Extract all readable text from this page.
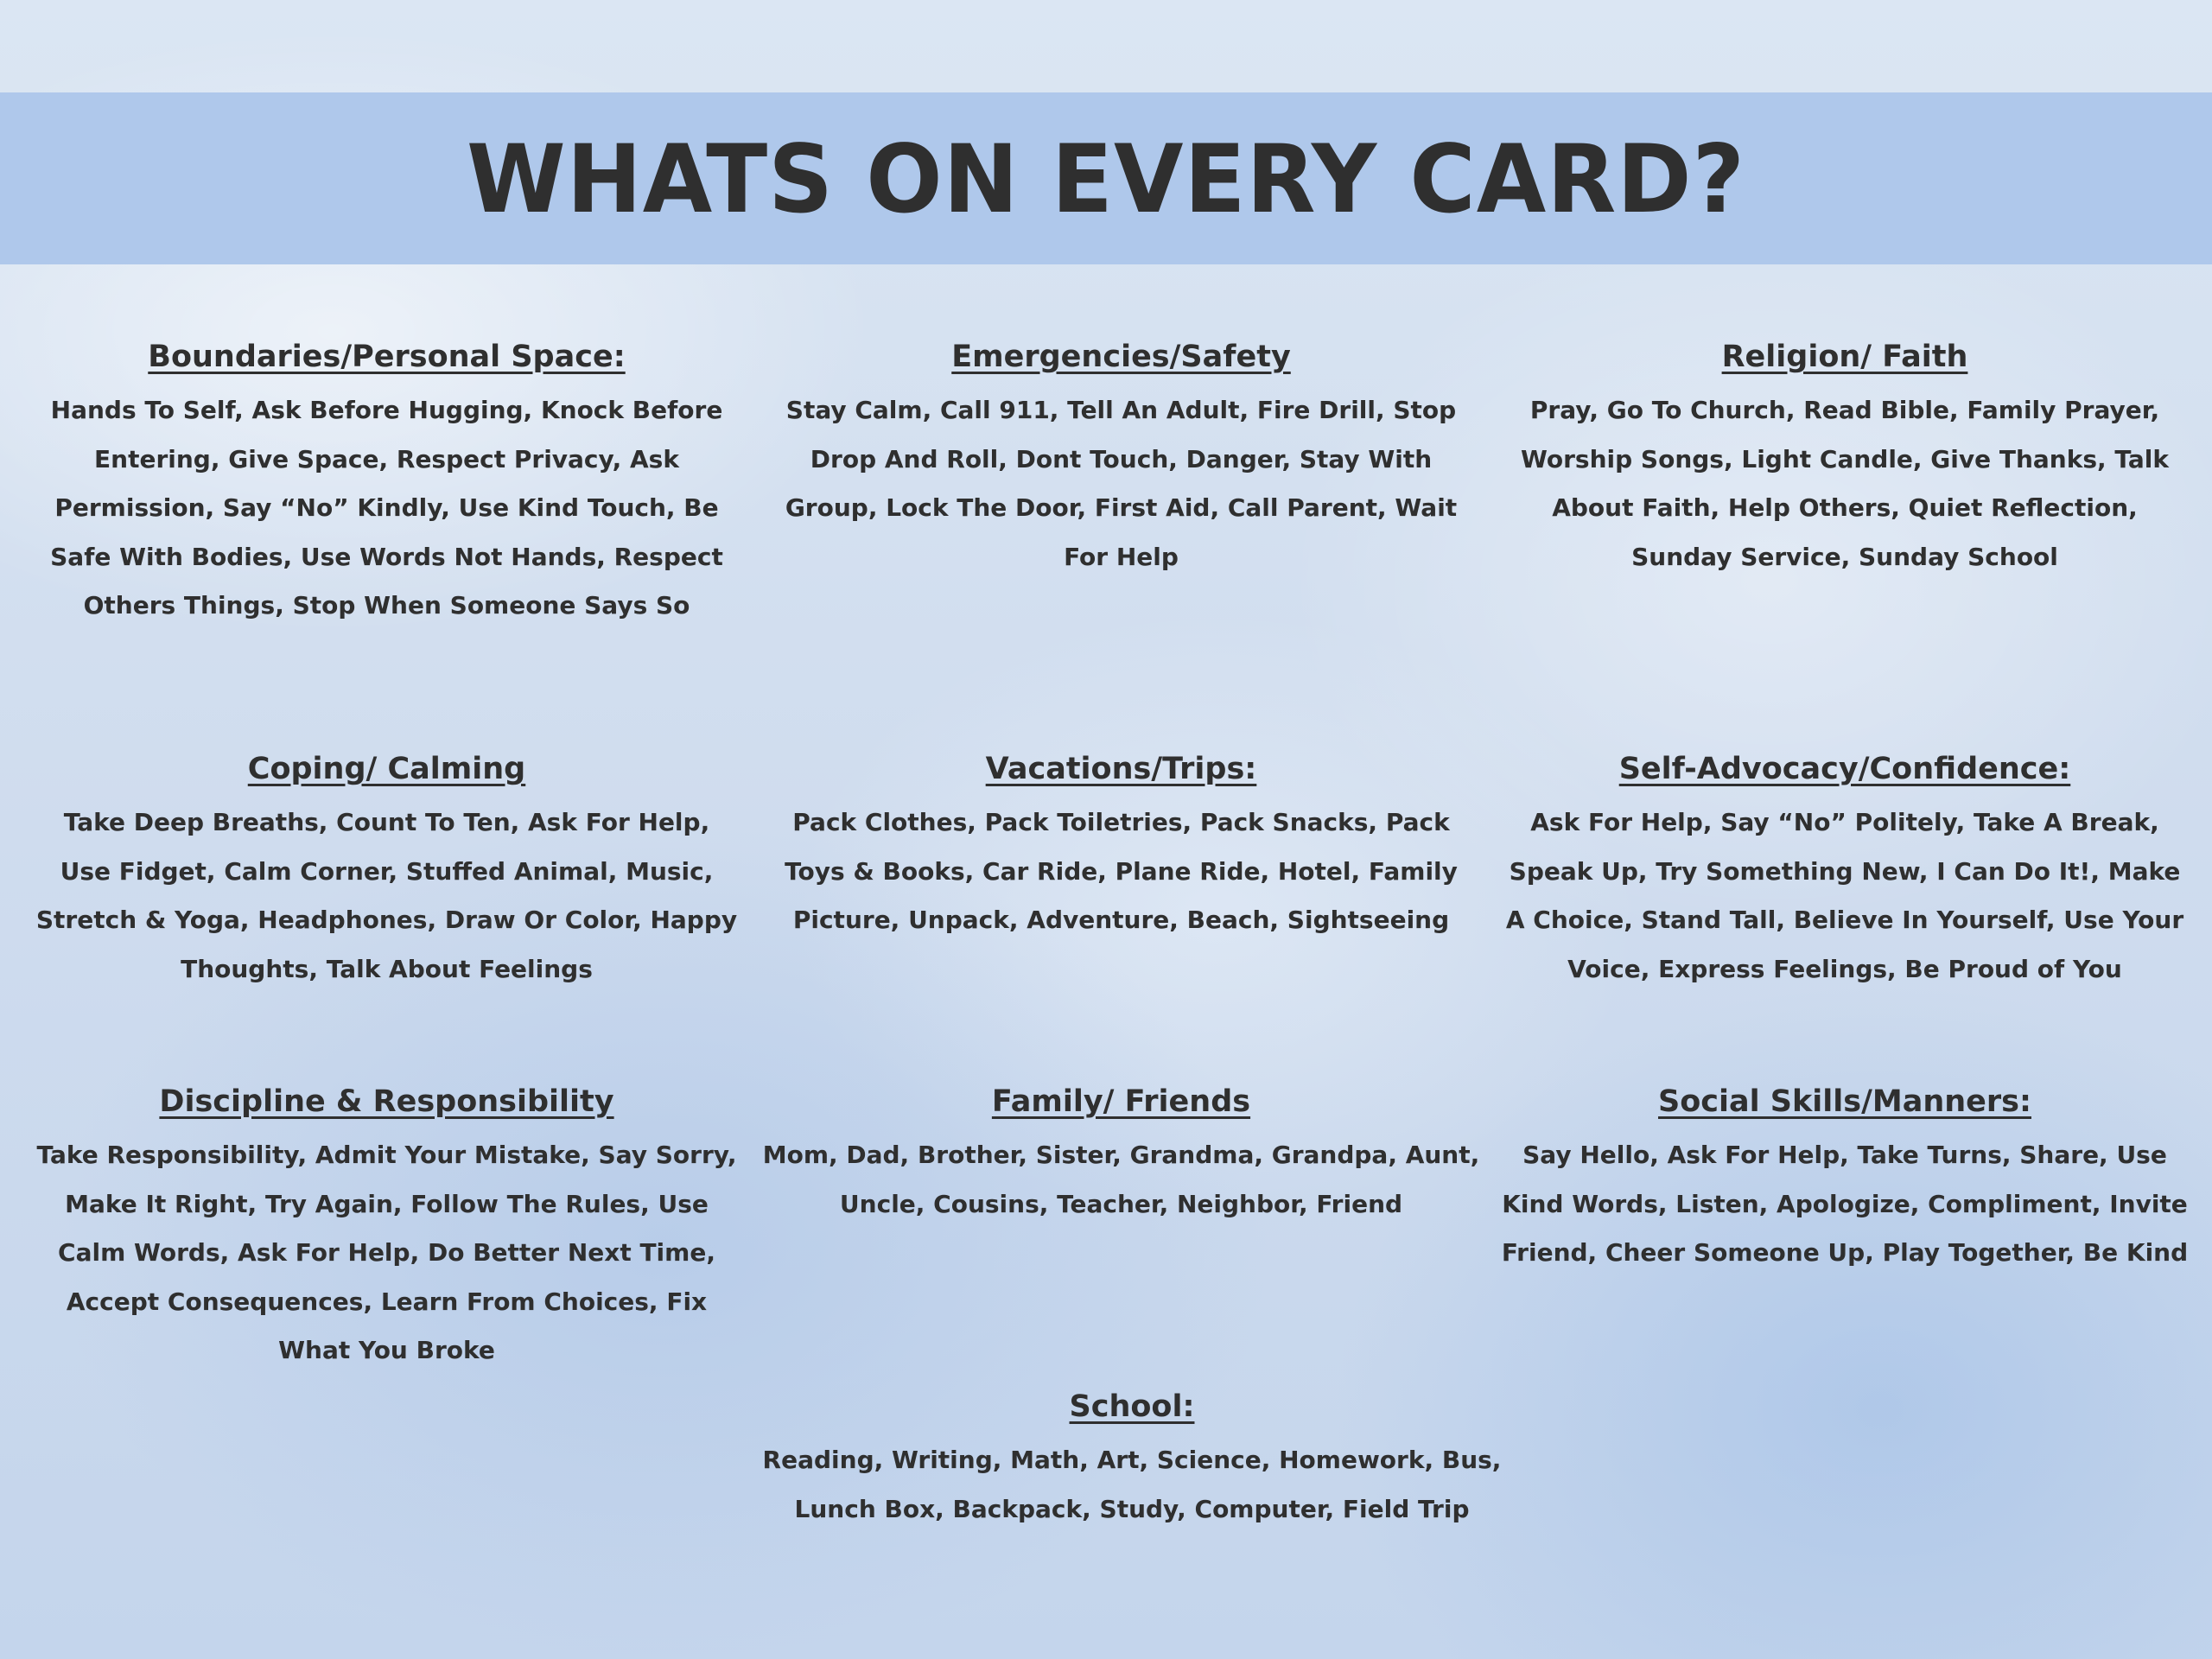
WHATS ON EVERY CARD?
Boundaries/Personal Space:

Hands To Self, Ask Before Hugging, Knock Before Entering, Give Space, Respect Privacy, Ask Permission, Say “No” Kindly, Use Kind Touch, Be Safe With Bodies, Use Words Not Hands, Respect Others Things, Stop When Someone Says So

Emergencies/Safety

Stay Calm, Call 911, Tell An Adult, Fire Drill, Stop Drop And Roll, Dont Touch, Danger, Stay With Group, Lock The Door, First Aid, Call Parent, Wait For Help

Religion/ Faith

Pray, Go To Church, Read Bible, Family Prayer, Worship Songs, Light Candle, Give Thanks, Talk About Faith, Help Others, Quiet Reflection, Sunday Service, Sunday School

Coping/ Calming

Take Deep Breaths, Count To Ten, Ask For Help, Use Fidget, Calm Corner, Stuffed Animal, Music, Stretch & Yoga, Headphones, Draw Or Color, Happy Thoughts, Talk About Feelings

Vacations/Trips:

Pack Clothes, Pack Toiletries, Pack Snacks, Pack Toys & Books, Car Ride, Plane Ride, Hotel, Family Picture, Unpack, Adventure, Beach, Sightseeing

Self-Advocacy/Confidence:

Ask For Help, Say “No” Politely, Take A Break, Speak Up, Try Something New, I Can Do It!, Make A Choice, Stand Tall, Believe In Yourself, Use Your Voice, Express Feelings, Be Proud of You

Discipline & Responsibility

Take Responsibility, Admit Your Mistake, Say Sorry, Make It Right, Try Again, Follow The Rules, Use Calm Words, Ask For Help, Do Better Next Time, Accept Consequences, Learn From Choices, Fix What You Broke

Family/ Friends

Mom, Dad, Brother, Sister, Grandma, Grandpa, Aunt, Uncle, Cousins, Teacher, Neighbor, Friend

Social Skills/Manners:

Say Hello, Ask For Help, Take Turns, Share, Use Kind Words, Listen, Apologize, Compliment, Invite Friend, Cheer Someone Up, Play Together, Be Kind

School:

Reading, Writing, Math, Art, Science, Homework, Bus, Lunch Box, Backpack, Study, Computer, Field Trip
